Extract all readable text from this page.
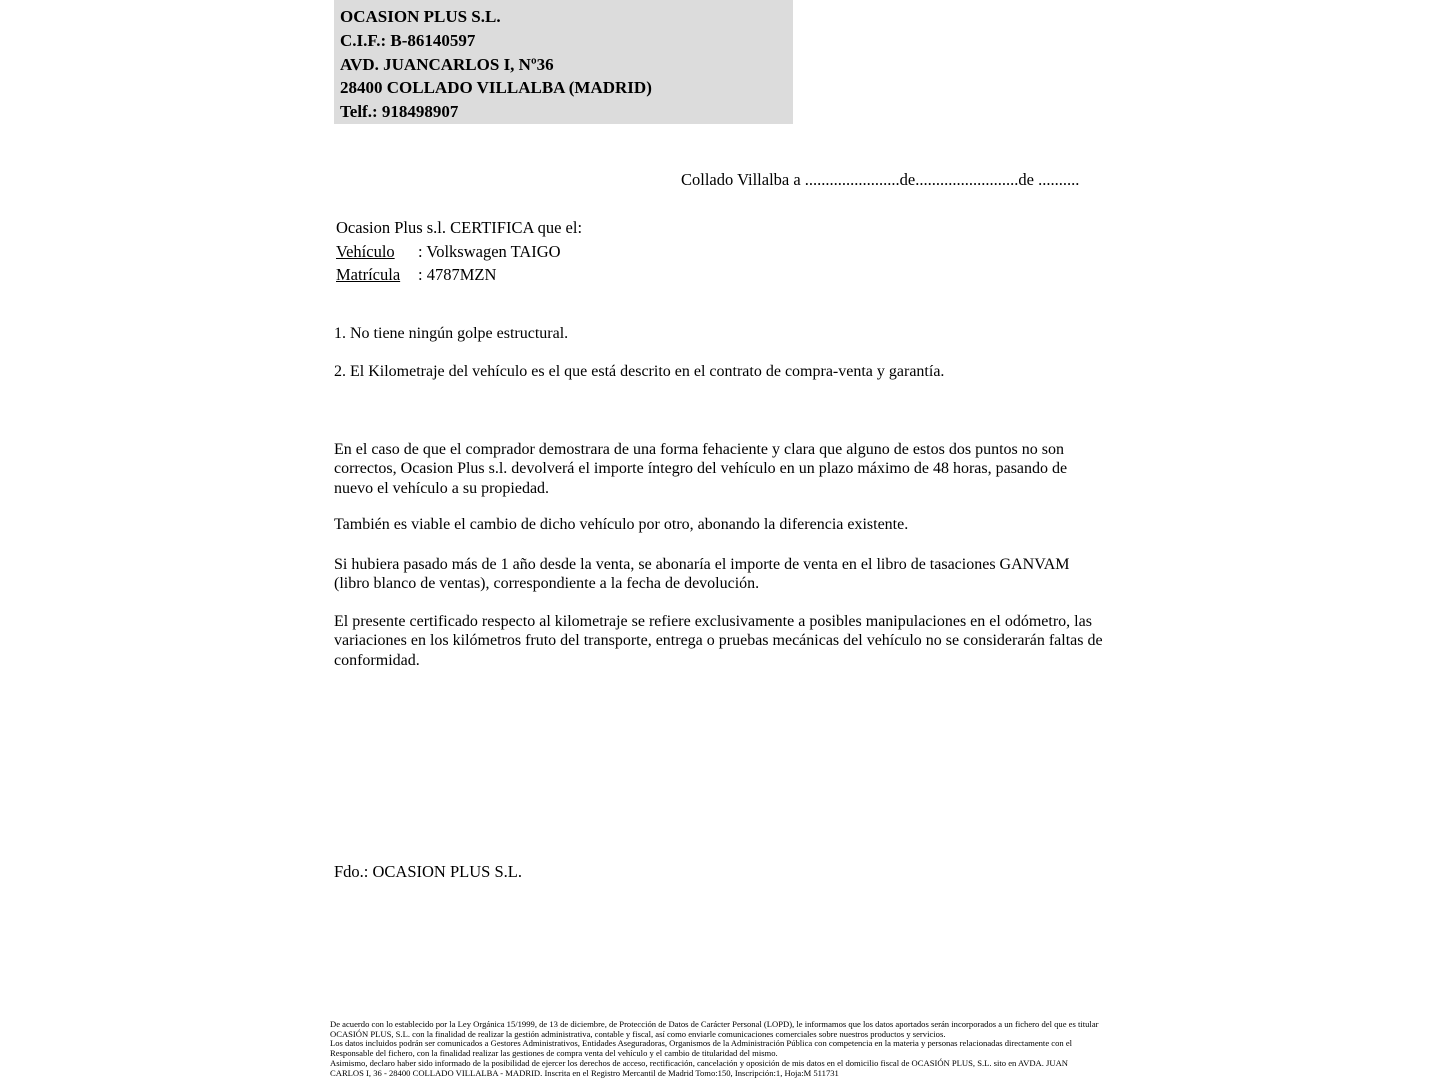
OCASION PLUS S.L.
C.I.F.: B-86140597
AVD. JUANCARLOS I, Nº36
28400 COLLADO VILLALBA (MADRID)
Telf.: 918498907
Collado Villalba a .......................de.........................de ..........
Ocasion Plus s.l. CERTIFICA que el:
Vehículo : Volkswagen TAIGO
Matrícula : 4787MZN
1. No tiene ningún golpe estructural.
2. El Kilometraje del vehículo es el que está descrito en el contrato de compra-venta y garantía.
En el caso de que el comprador demostrara de una forma fehaciente y clara que alguno de estos dos puntos no son correctos, Ocasion Plus s.l. devolverá el importe íntegro del vehículo en un plazo máximo de 48 horas, pasando de nuevo el vehículo a su propiedad.
También es viable el cambio de dicho vehículo por otro, abonando la diferencia existente.
Si hubiera pasado más de 1 año desde la venta, se abonaría el importe de venta en el libro de tasaciones GANVAM (libro blanco de ventas), correspondiente a la fecha de devolución.
El presente certificado respecto al kilometraje se refiere exclusivamente a posibles manipulaciones en el odómetro, las variaciones en los kilómetros fruto del transporte, entrega o pruebas mecánicas del vehículo no se considerarán faltas de conformidad.
Fdo.: OCASION PLUS S.L.
De acuerdo con lo establecido por la Ley Orgánica 15/1999, de 13 de diciembre, de Protección de Datos de Carácter Personal (LOPD), le informamos que los datos aportados serán incorporados a un fichero del que es titular
OCASIÓN PLUS, S.L. con la finalidad de realizar la gestión administrativa, contable y fiscal, así como enviarle comunicaciones comerciales sobre nuestros productos y servicios.
Los datos incluidos podrán ser comunicados a Gestores Administrativos, Entidades Aseguradoras, Organismos de la Administración Pública con competencia en la materia y personas relacionadas directamente con el
Responsable del fichero, con la finalidad realizar las gestiones de compra venta del vehículo y el cambio de titularidad del mismo.
Asimismo, declaro haber sido informado de la posibilidad de ejercer los derechos de acceso, rectificación, cancelación y oposición de mis datos en el domicilio fiscal de OCASIÓN PLUS, S.L. sito en AVDA. JUAN
CARLOS I, 36 - 28400 COLLADO VILLALBA - MADRID. Inscrita en el Registro Mercantil de Madrid Tomo:150, Inscripción:1, Hoja:M 511731
